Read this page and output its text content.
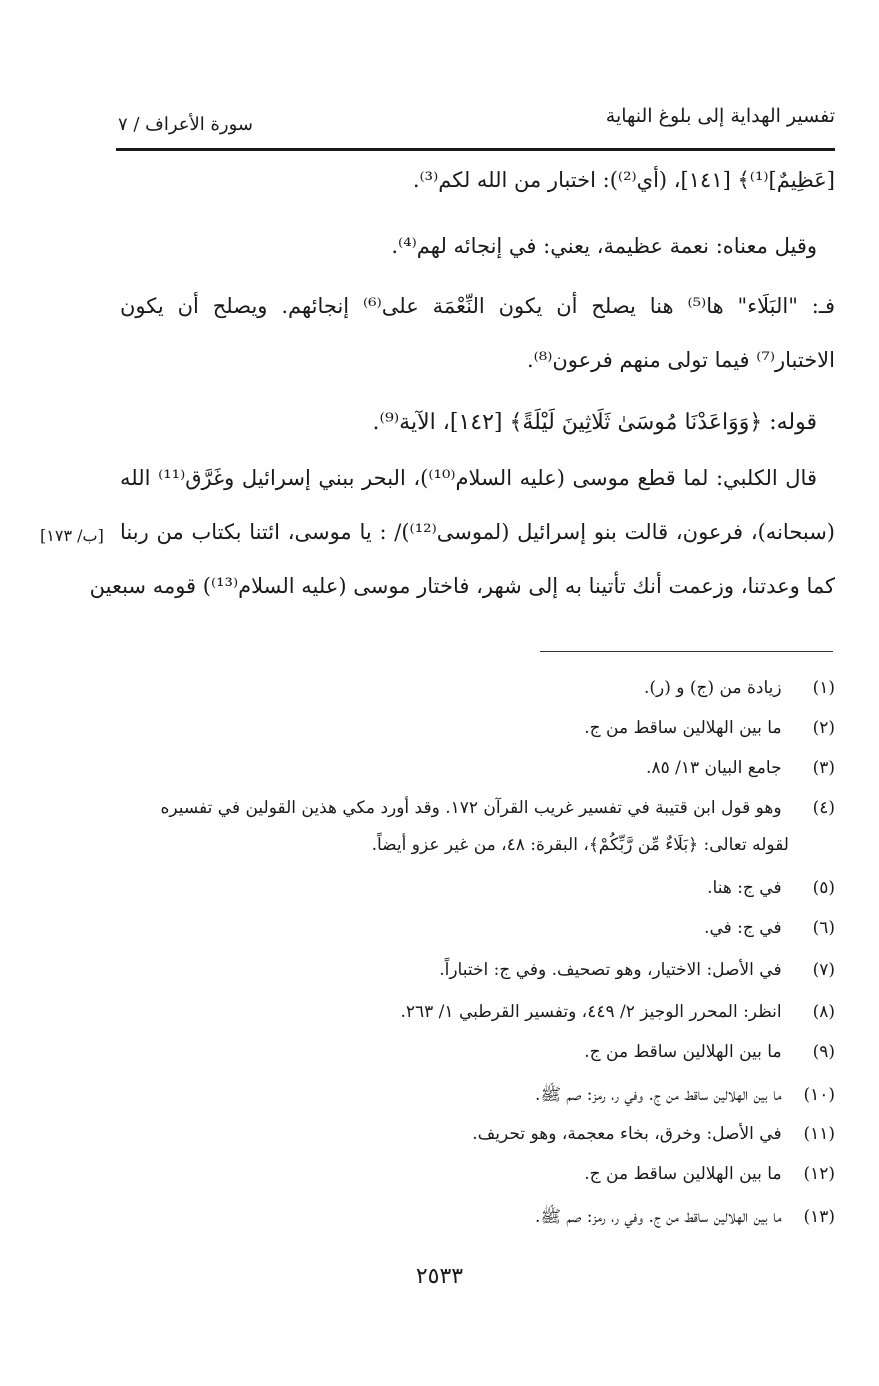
تفسير الهداية إلى بلوغ النهاية
سورة الأعراف / ٧
[عَظِيمٌ]⁽¹⁾﴾ [١٤١]، (أي⁽²⁾): اختبار من الله لكم⁽³⁾.
وقيل معناه: نعمة عظيمة، يعني: في إنجائه لهم⁽⁴⁾.
فـ: "البَلَاء" ها⁽⁵⁾ هنا يصلح أن يكون النِّعْمَة على⁽⁶⁾ إنجائهم. ويصلح أن يكون
الاختبار⁽⁷⁾ فيما تولى منهم فرعون⁽⁸⁾.
قوله: ﴿وَوَاعَدْنَا مُوسَىٰ ثَلَاثِينَ لَيْلَةً﴾ [١٤٢]، الآية⁽⁹⁾.
قال الكلبي: لما قطع موسى (عليه السلام⁽¹⁰⁾)، البحر ببني إسرائيل وغَرَّق⁽¹¹⁾ الله
(سبحانه)، فرعون، قالت بنو إسرائيل (لموسى⁽¹²⁾)/ : يا موسى، ائتنا بكتاب من ربنا
كما وعدتنا، وزعمت أنك تأتينا به إلى شهر، فاختار موسى (عليه السلام⁽¹³⁾) قومه سبعين
[ب/ ١٧٣]
(١) زيادة من (ج) و (ر).
(٢) ما بين الهلالين ساقط من ج.
(٣) جامع البيان ١٣/ ٨٥.
(٤) وهو قول ابن قتيبة في تفسير غريب القرآن ١٧٢. وقد أورد مكي هذين القولين في تفسيره
لقوله تعالى: ﴿بَلَاءٌ مِّن رَّبِّكُمْ﴾، البقرة: ٤٨، من غير عزو أيضاً.
(٥) في ج: هنا.
(٦) في ج: في.
(٧) في الأصل: الاختيار، وهو تصحيف. وفي ج: اختباراً.
(٨) انظر: المحرر الوجيز ٢/ ٤٤٩، وتفسير القرطبي ١/ ٢٦٣.
(٩) ما بين الهلالين ساقط من ج.
(١٠) ما بين الهلالين ساقط من ج. وفي ر، رمز: صم ﷺ.
(١١) في الأصل: وخرق، بخاء معجمة، وهو تحريف.
(١٢) ما بين الهلالين ساقط من ج.
(١٣) ما بين الهلالين ساقط من ج. وفي ر، رمز: صم ﷺ.
٢٥٣٣
